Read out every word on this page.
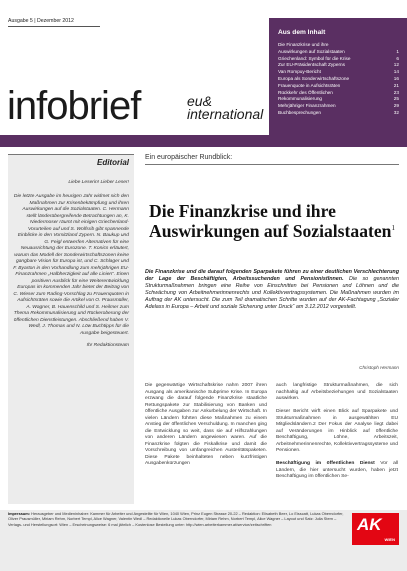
Ausgabe 5 | Dezember 2012
infobrief	eu&
international
Aus dem Inhalt
Die Finanzkrise und ihre
Auswirkungen auf Sozialstaaten	1
Griechenland: Symbol für die Krise	6
Zur EU-Präsidentschaft Zyperns	12
Van Rompuy-Bericht	14
Europa als Sonderwirtschaftszone	16
Frauenquote in Aufsichtsräten	21
Rückkehr des Öffentlichen	23
Rekommunalisierung	25
Mehrjähriger Finanzrahmen	29
Buchbesprechungen	32
Editorial
Liebe Leserin! Lieber Leser!
Die letzte Ausgabe im heurigen Jahr widmet sich den Maßnahmen zur Krisenbekämpfung und ihren Auswirkungen auf die Sozialstaaten. C. Hermann stellt länderübergreifende Betrachtungen an, K. Niedermoser räumt mit einigen Griechenland-Vorurteilen auf und S. Wolfsrib gibt spannende Einblicke in den Vorsitzland Zypern. N. Baukup und G. Feigl entwerfen Alternativen für eine Neuausrichtung der Eurozone. T. Konics erläutert, warum das Modell der Sonderwirtschaftszonen keine gangbare Vision für Europa ist, und C. Schlager und F. Byarton in den Vorhandlung zum mehrjährigen EU-Finanzrahmen „Halbherzigkeit auf alle Linien“. Einen positiven Ausblick für eine Weiterentwicklung Europas im kommenden Jahr bietet der Beitrag von C. Wieser zum Rading-Vorschlag zu Frauenquoten in Aufsichtsräten sowie die Artikel von O. Prausmüller, A. Wagner, B. Hauenschild und S. Heilmer zum Thema Rekommunalisierung und Rückeroberung der öffentlichen Dienstleistungen. Abschließend haben V. Wedl, J. Thomas und N. Löw Buchtipps für die Ausgabe beigesteuert.
Ihr Redaktionsteam
Ein europäischer Rundblick:
Die Finanzkrise und ihre Auswirkungen auf Sozialstaaten$^1$
Die Finanzkrise und die darauf folgenden Sparpakete führen zu einer deutlichen Verschlechterung der Lage der Beschäftigten, Arbeitssuchenden und PensionistInnen. Die so genannten Strukturmaßnahmen bringen eine Reihe von Einschnitten bei Pensionen und Löhnen und die Schwächung von Arbeitnehmerinnenrechts und Kollektivvertragssystemen. Die Maßnahmen wurden im Auftrag der AK untersucht. Die zum Teil dramatischen Schritte wurden auf der AK-Fachtagung „Sozialer Adelass in Europa – Arbeit und soziale Sicherung unter Druck“ am 3.12.2012 vorgestellt.
Christoph Hermann

Die gegenwärtige Wirtschaftskrise nahm 2007 ihren Ausgang als amerikanische Subprime Krise. In Europa erzwang die darauf folgende Finanzkrise staatliche Rettungspakete zur Stabilisierung von Banken und öffentliche Ausgaben zur Ankurbelung der Wirtschaft. In vielen Ländern führten diese Maßnahmen zu einem Anstieg der öffentlichen Verschuldung. In manchen ging die Entwicklung so weit, dass sie auf Hilfszahlungen von anderen Ländern angewiesen waren. Auf die Finanzkrise folgten die Fiskalkrise und damit die Vorschreibung von umfangreichen Austeritätspaketen. Diese Pakete beinhalteten neben kurzfristigen Ausgabenkürzungen

auch langfristige Strukturmaßnahmen, die sich nachhaltig auf Arbeitsbeziehungen und Sozialstaaten auswirken.

Dieser Bericht wirft einen Blick auf Sparpakete und Strukturmaßnahmen in ausgewählten EU Mitgliedsländern.2 Der Fokus der Analyse liegt dabei auf Veränderungen im Hinblick auf öffentliche Beschäftigung, Löhne, Arbeitszeit, Arbeitnehmerinnenrechte, Kollektivvertragssysteme und Pensionen.

Beschäftigung im öffentlichen Dienst Vor all Ländern, die hier untersucht wurden, haben jetzt Beschäftigung im öffentlichen Se-

Impressum: Herausgeber und Medieninhaber: Kammer für Arbeiter und Angestellte für Wien, 1040 Wien, Prinz Eugen Strasse 20-22 – Redaktion: Elisabeth Beer, Lo Eisscatt, Lukas Oberndorfer, Oliver Prausmüller, Miriam Rehm, Norbert Templ, Alice Wagner, Valentin Wedl – Redaktionelle Lukas Oberndorfer, Miriam Rehm, Norbert Templ, Alice Wagner – Layout und Satz: Julia Stern – Verlags- und Herstellungsort: Wien – Erscheinungsweise: 6 mal jährlich – Kostenlose Bestellung unter: http://wien.arbeiterkammer.at/service/zeitschriften	AK
WIEN
